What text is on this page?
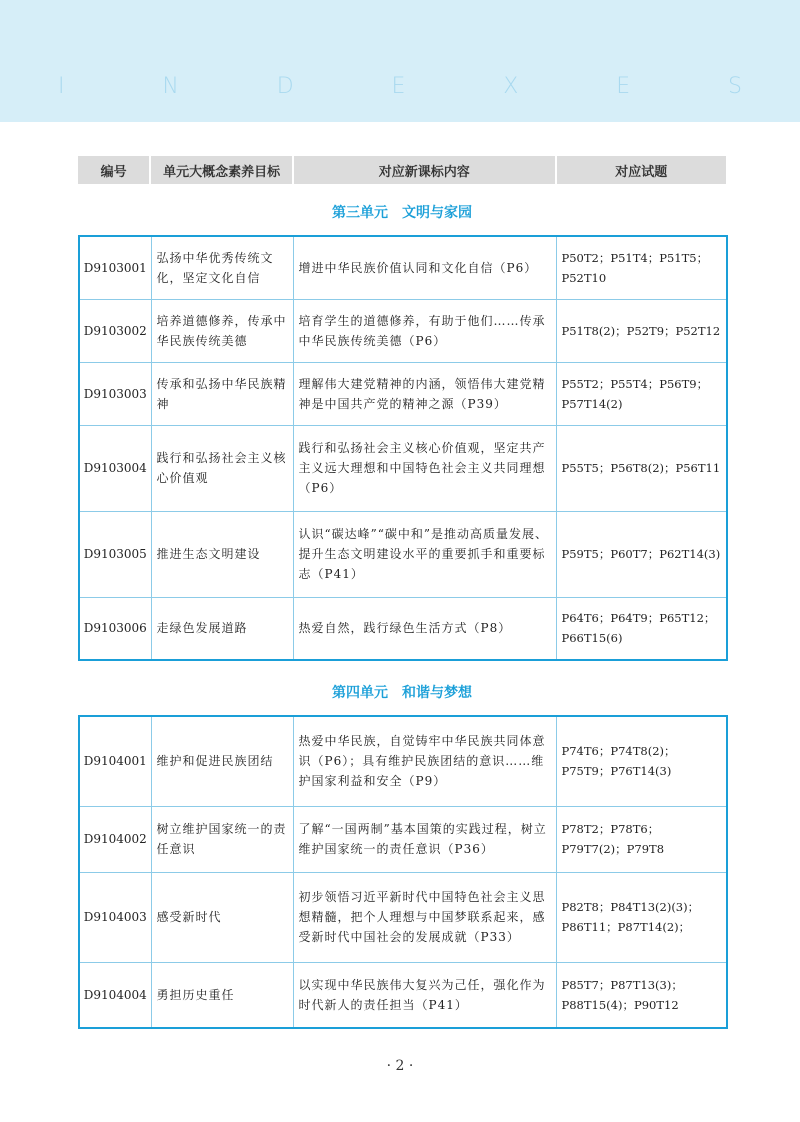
I	N	D	E	X	E	S
编号	单元大概念素养目标	对应新课标内容	对应试题
第三单元　文明与家园
D9103001	弘扬中华优秀传统文化，坚定文化自信	增进中华民族价值认同和文化自信（P6）	P50T2；P51T4；P51T5；P52T10
D9103002	培养道德修养，传承中华民族传统美德	培育学生的道德修养，有助于他们……传承中华民族传统美德（P6）	P51T8(2)；P52T9；P52T12
D9103003	传承和弘扬中华民族精神	理解伟大建党精神的内涵，领悟伟大建党精神是中国共产党的精神之源（P39）	P55T2；P55T4；P56T9；P57T14(2)
D9103004	践行和弘扬社会主义核心价值观	践行和弘扬社会主义核心价值观，坚定共产主义远大理想和中国特色社会主义共同理想（P6）	P55T5；P56T8(2)；P56T11
D9103005	推进生态文明建设	认识“碳达峰”“碳中和”是推动高质量发展、提升生态文明建设水平的重要抓手和重要标志（P41）	P59T5；P60T7；P62T14(3)
D9103006	走绿色发展道路	热爱自然，践行绿色生活方式（P8）	P64T6；P64T9；P65T12；P66T15(6)
第四单元　和谐与梦想
D9104001	维护和促进民族团结	热爱中华民族，自觉铸牢中华民族共同体意识（P6）；具有维护民族团结的意识……维护国家利益和安全（P9）	P74T6；P74T8(2)；P75T9；P76T14(3)
D9104002	树立维护国家统一的责任意识	了解“一国两制”基本国策的实践过程，树立维护国家统一的责任意识（P36）	P78T2；P78T6；P79T7(2)；P79T8
D9104003	感受新时代	初步领悟习近平新时代中国特色社会主义思想精髓，把个人理想与中国梦联系起来，感受新时代中国社会的发展成就（P33）	P82T8；P84T13(2)(3)；P86T11；P87T14(2)；
D9104004	勇担历史重任	以实现中华民族伟大复兴为己任，强化作为时代新人的责任担当（P41）	P85T7；P87T13(3)；P88T15(4)；P90T12
· 2 ·
